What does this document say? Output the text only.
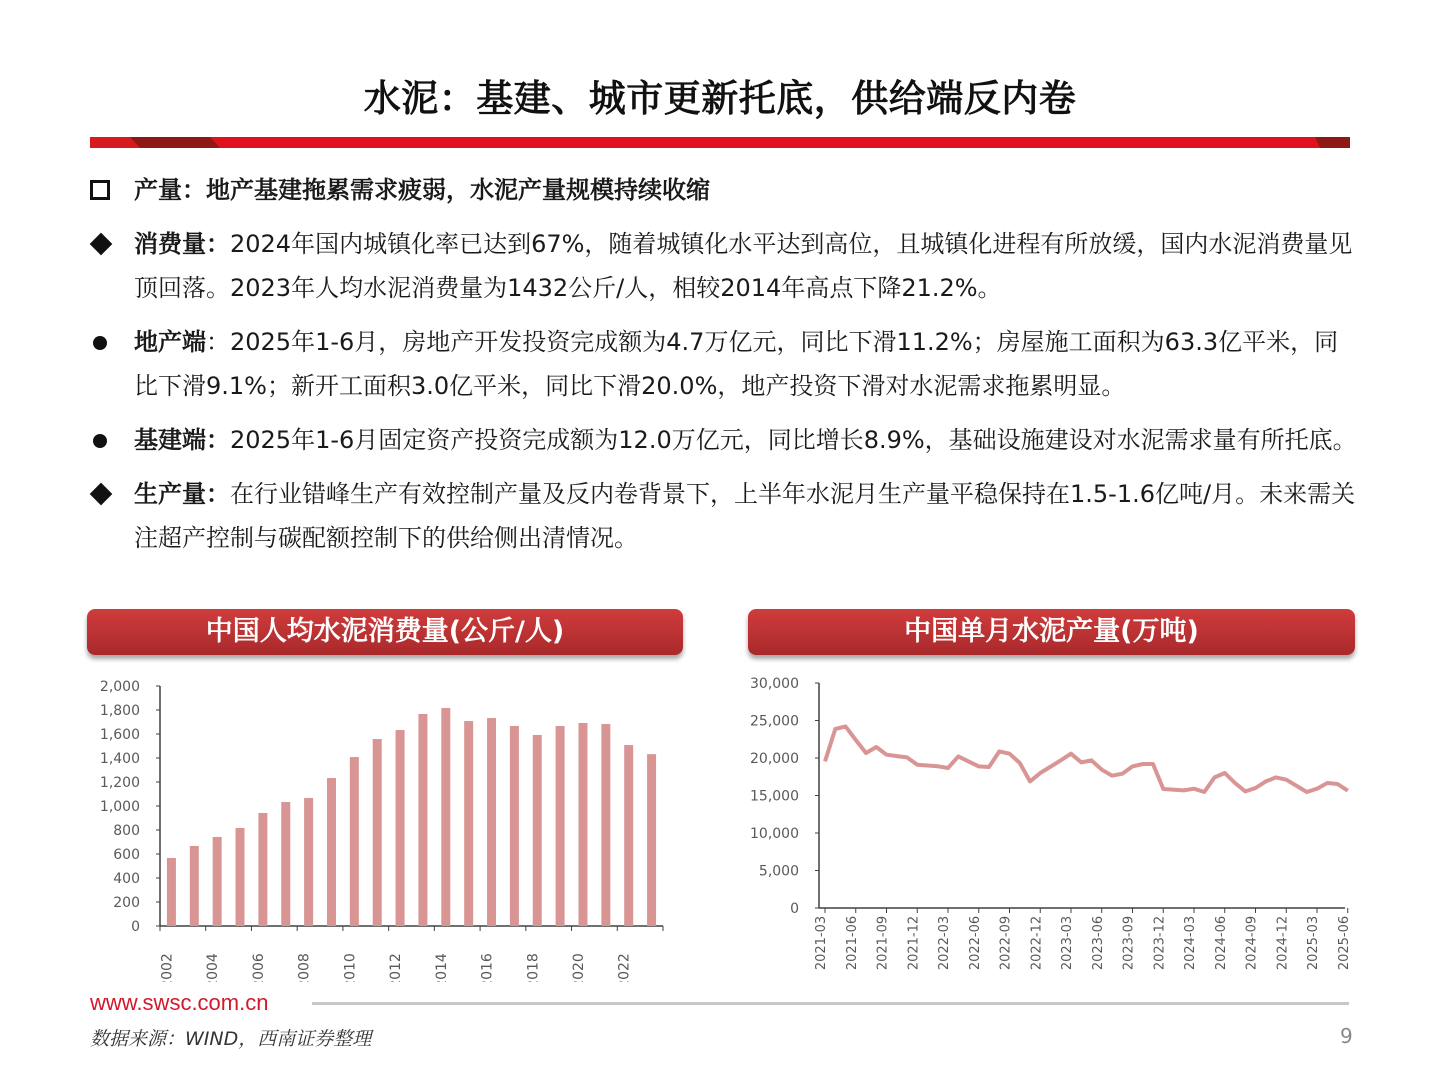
水泥：基建、城市更新托底，供给端反内卷
产量：地产基建拖累需求疲弱，水泥产量规模持续收缩
消费量：2024年国内城镇化率已达到67%，随着城镇化水平达到高位，且城镇化进程有所放缓，国内水泥消费量见顶回落。2023年人均水泥消费量为1432公斤/人，相较2014年高点下降21.2%。
地产端：2025年1-6月，房地产开发投资完成额为4.7万亿元，同比下滑11.2%；房屋施工面积为63.3亿平米，同比下滑9.1%；新开工面积3.0亿平米，同比下滑20.0%，地产投资下滑对水泥需求拖累明显。
基建端：2025年1-6月固定资产投资完成额为12.0万亿元，同比增长8.9%，基础设施建设对水泥需求量有所托底。
生产量：在行业错峰生产有效控制产量及反内卷背景下，上半年水泥月生产量平稳保持在1.5-1.6亿吨/月。未来需关注超产控制与碳配额控制下的供给侧出清情况。
中国人均水泥消费量(公斤/人)	中国单月水泥产量(万吨)
0
200
400
600
800
1,000
1,200
1,400
1,600
1,800
2,000
2002 2004 2006 2008 2010 2012 2014 2016 2018 2020 2022
0
5,000
10,000
15,000
20,000
25,000
30,000
2021-03 2021-06 2021-09 2021-12 2022-03 2022-06 2022-09 2022-12 2023-03 2023-06 2023-09 2023-12 2024-03 2024-06 2024-09 2024-12 2025-03 2025-06
www.swsc.com.cn
数据来源：WIND，西南证券整理	9
